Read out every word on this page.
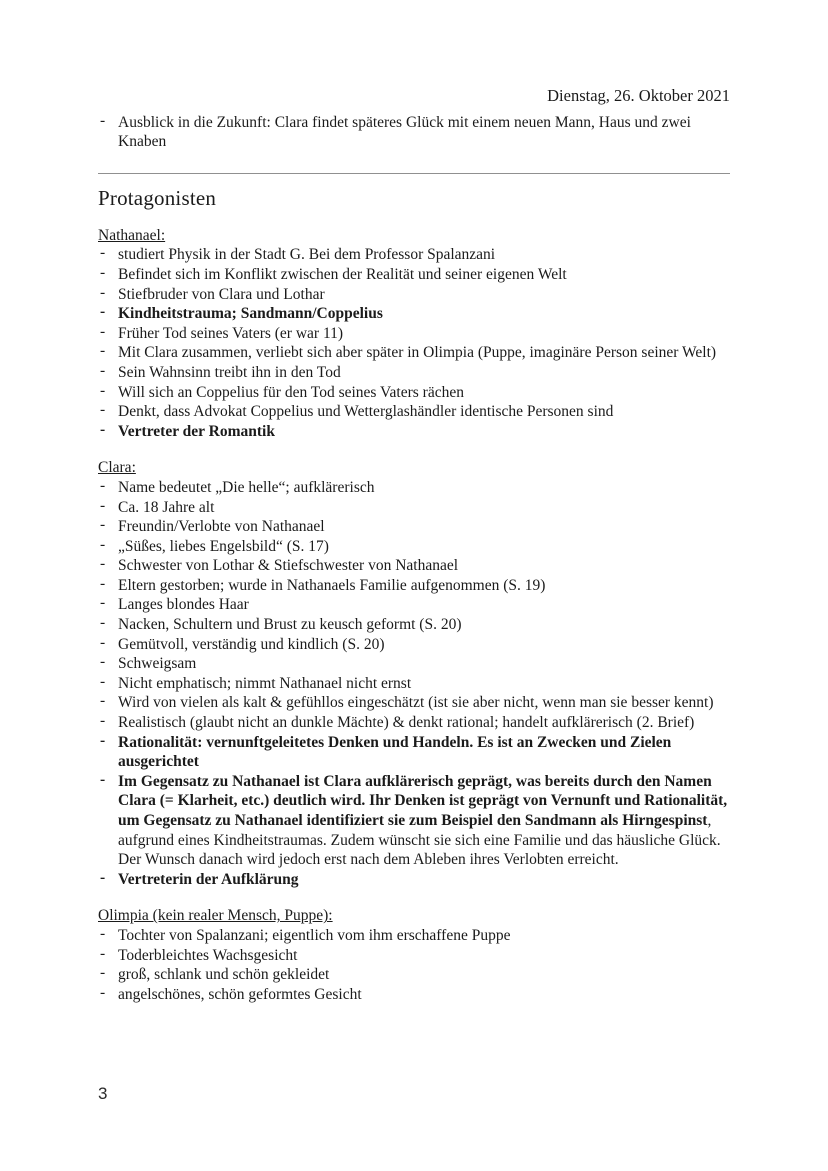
Dienstag, 26. Oktober 2021
- Ausblick in die Zukunft: Clara findet späteres Glück mit einem neuen Mann, Haus und zwei Knaben
Protagonisten
Nathanael:
- studiert Physik in der Stadt G. Bei dem Professor Spalanzani
- Befindet sich im Konflikt zwischen der Realität und seiner eigenen Welt
- Stiefbruder von Clara und Lothar
- Kindheitstrauma; Sandmann/Coppelius
- Früher Tod seines Vaters (er war 11)
- Mit Clara zusammen, verliebt sich aber später in Olimpia (Puppe, imaginäre Person seiner Welt)
- Sein Wahnsinn treibt ihn in den Tod
- Will sich an Coppelius für den Tod seines Vaters rächen
- Denkt, dass Advokat Coppelius und Wetterglashändler identische Personen sind
- Vertreter der Romantik
Clara:
- Name bedeutet „Die helle“; aufklärerisch
- Ca. 18 Jahre alt
- Freundin/Verlobte von Nathanael
- „Süßes, liebes Engelsbild“ (S. 17)
- Schwester von Lothar & Stiefschwester von Nathanael
- Eltern gestorben; wurde in Nathanaels Familie aufgenommen (S. 19)
- Langes blondes Haar
- Nacken, Schultern und Brust zu keusch geformt (S. 20)
- Gemütvoll, verständig und kindlich (S. 20)
- Schweigsam
- Nicht emphatisch; nimmt Nathanael nicht ernst
- Wird von vielen als kalt & gefühllos eingeschätzt (ist sie aber nicht, wenn man sie besser kennt)
- Realistisch (glaubt nicht an dunkle Mächte) & denkt rational; handelt aufklärerisch (2. Brief)
- Rationalität: vernunftgeleitetes Denken und Handeln. Es ist an Zwecken und Zielen ausgerichtet
- Im Gegensatz zu Nathanael ist Clara aufklärerisch geprägt, was bereits durch den Namen Clara (= Klarheit, etc.) deutlich wird. Ihr Denken ist geprägt von Vernunft und Rationalität, um Gegensatz zu Nathanael identifiziert sie zum Beispiel den Sandmann als Hirngespinst, aufgrund eines Kindheitstraumas. Zudem wünscht sie sich eine Familie und das häusliche Glück. Der Wunsch danach wird jedoch erst nach dem Ableben ihres Verlobten erreicht.
- Vertreterin der Aufklärung
Olimpia (kein realer Mensch, Puppe):
- Tochter von Spalanzani; eigentlich vom ihm erschaffene Puppe
- Toderbleichtes Wachsgesicht
- groß, schlank und schön gekleidet
- angelschönes, schön geformtes Gesicht
3
